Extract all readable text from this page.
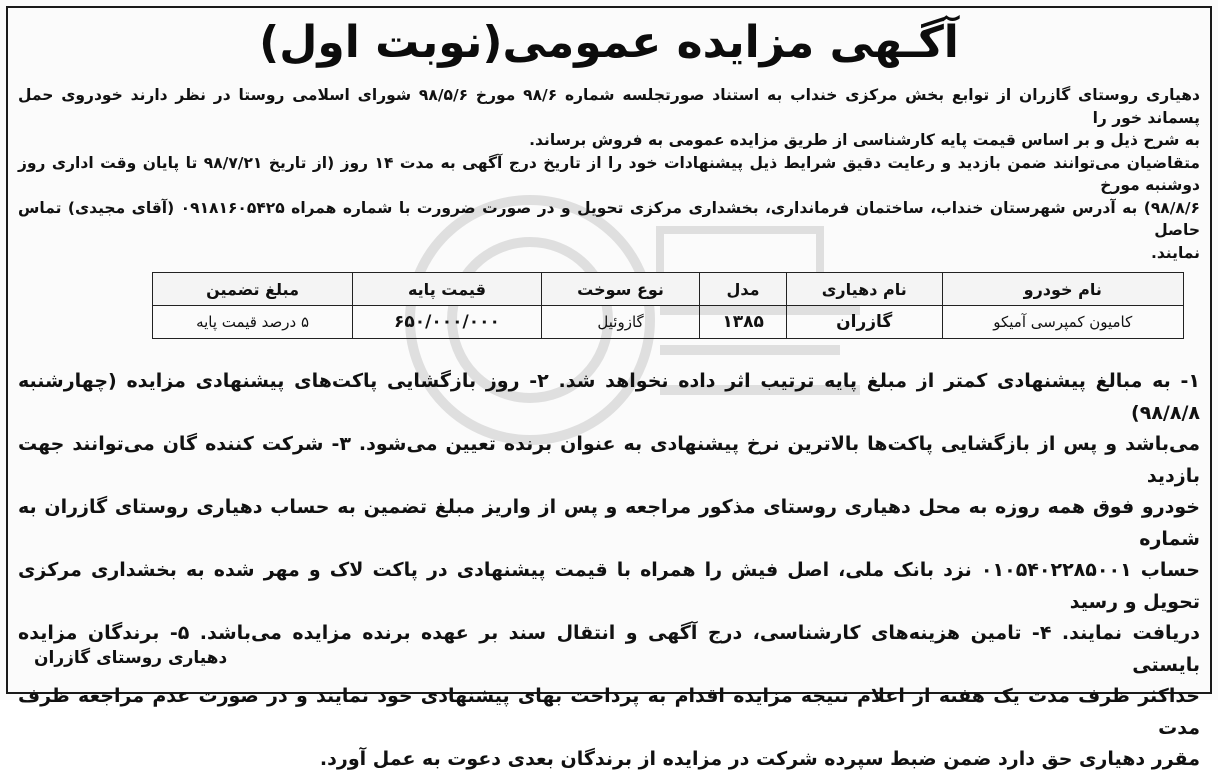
آگـهی مزایده عمومی(نوبت اول)

دهیاری روستای گازران از توابع بخش مرکزی خنداب به استناد صورتجلسه شماره ۹۸/۶ مورخ ۹۸/۵/۶ شورای اسلامی روستا در نظر دارند خودروی حمل پسماند خور را

به شرح ذیل و بر اساس قیمت پایه کارشناسی از طریق مزایده عمومی به فروش برساند.

متقاضیان می‌توانند ضمن بازدید و رعایت دقیق شرایط ذیل پیشنهادات خود را از تاریخ درج آگهی به مدت ۱۴ روز (از تاریخ ۹۸/۷/۲۱ تا پایان وقت اداری روز دوشنبه مورخ

۹۸/۸/۶) به آدرس شهرستان خنداب، ساختمان فرمانداری، بخشداری مرکزی تحویل و در صورت ضرورت با شماره همراه ۰۹۱۸۱۶۰۵۴۲۵ (آقای مجیدی) تماس حاصل

نمایند.

نام خودرو	نام دهیاری	مدل	نوع سوخت	قیمت پایه	مبلغ تضمین
کامیون کمپرسی آمیکو	گازران	۱۳۸۵	گازوئیل	۶۵۰/۰۰۰/۰۰۰	۵ درصد قیمت پایه

۱- به مبالغ پیشنهادی کمتر از مبلغ پایه ترتیب اثر داده نخواهد شد. ۲- روز بازگشایی پاکت‌های پیشنهادی مزایده (چهارشنبه ۹۸/۸/۸)

می‌باشد و پس از بازگشایی پاکت‌ها بالاترین نرخ پیشنهادی به عنوان برنده تعیین می‌شود. ۳- شرکت کننده گان می‌توانند جهت بازدید

خودرو فوق همه روزه به محل دهیاری روستای مذکور مراجعه و پس از واریز مبلغ تضمین به حساب دهیاری روستای گازران به شماره

حساب ۰۱۰۵۴۰۲۲۸۵۰۰۱ نزد بانک ملی، اصل فیش را همراه با قیمت پیشنهادی در پاکت لاک و مهر شده به بخشداری مرکزی تحویل و رسید

دریافت نمایند. ۴- تامین هزینه‌های کارشناسی، درج آگهی و انتقال سند بر عهده برنده مزایده می‌باشد. ۵- برندگان مزایده بایستی

حداکثر ظرف مدت یک هفته از اعلام نتیجه مزایده اقدام به پرداخت بهای پیشنهادی خود نمایند و در صورت عدم مراجعه ظرف مدت

مقرر دهیاری حق دارد ضمن ضبط سپرده شرکت در مزایده از برندگان بعدی دعوت به عمل آورد.

دهیاری روستای گازران
